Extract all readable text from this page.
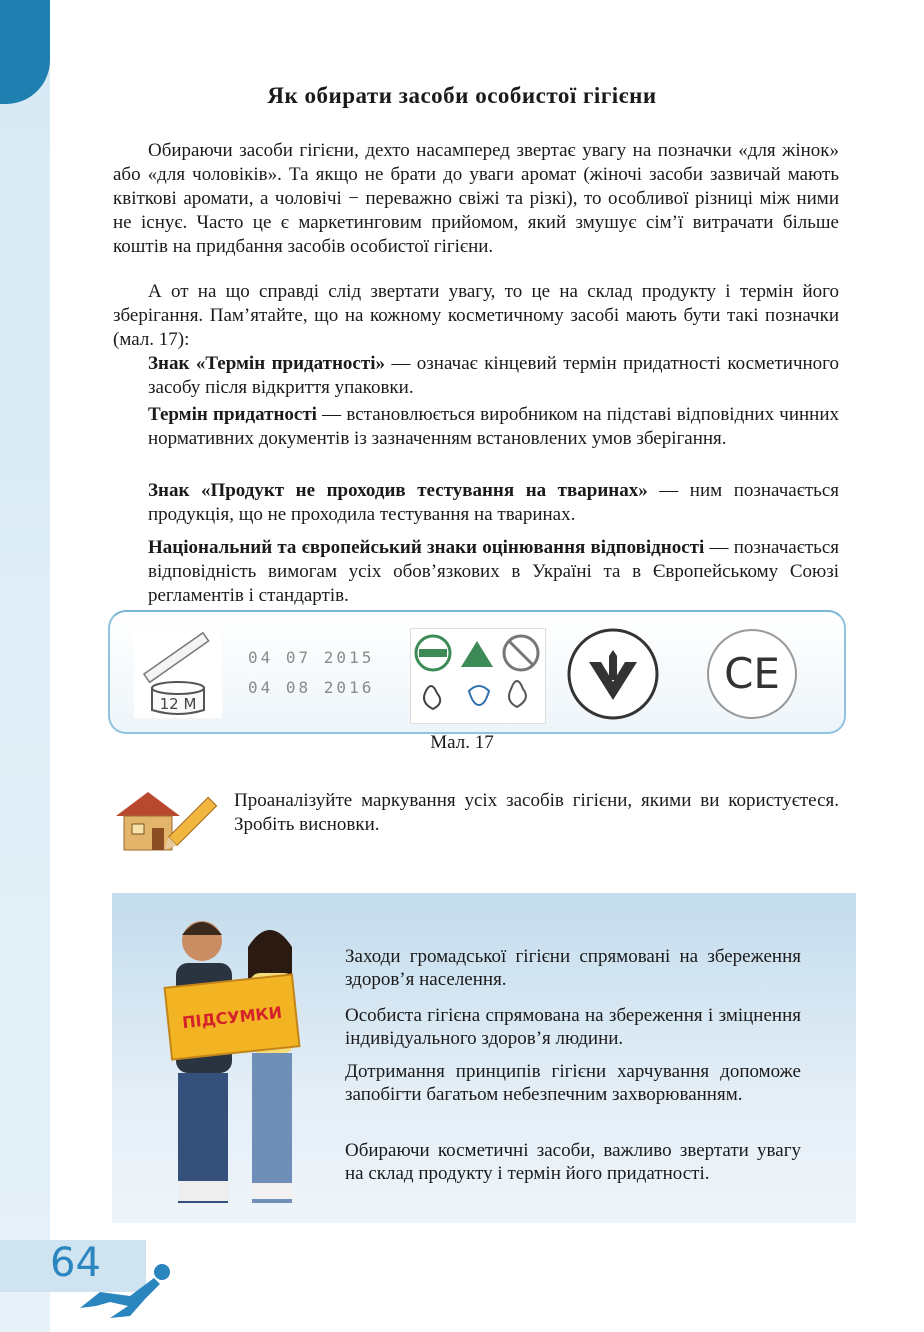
Як обирати засоби особистої гігієни

Обираючи засоби гігієни, дехто насамперед звертає увагу на позначки «для жінок» або «для чоловіків». Та якщо не брати до уваги аромат (жіночі засоби зазвичай мають квіткові аромати, а чоловічі − переважно свіжі та різкі), то особливої різниці між ними не існує. Часто це є маркетинговим прийомом, який змушує сім’ї витрачати більше коштів на придбання засобів особистої гігієни.

А от на що справді слід звертати увагу, то це на склад продукту і термін його зберігання. Пам’ятайте, що на кожному косметичному засобі мають бути такі позначки (мал. 17):

Знак «Термін придатності» — означає кінцевий термін придатності косметичного засобу після відкриття упаковки.

Термін придатності — встановлюється виробником на підставі відповідних чинних нормативних документів із зазначенням встановлених умов зберігання.

Знак «Продукт не проходив тестування на тваринах» — ним позначається продукція, що не проходила тестування на тваринах.

Національний та європейський знаки оцінювання відповідності — позначається відповідність вимогам усіх обов’язкових в Україні та в Європейському Союзі регламентів і стандартів.

12 M
04 07 2015
04 08 2016	CE
Мал. 17

Проаналізуйте маркування усіх засобів гігієни, якими ви користуєтеся. Зробіть висновки.

ПІДСУМКИ

Заходи громадської гігієни спрямовані на збереження здоров’я населення.

Особиста гігієна спрямована на збереження і зміцнення індивідуального здоров’я людини.

Дотримання принципів гігієни харчування допоможе запобігти багатьом небезпечним захворюванням.

Обираючи косметичні засоби, важливо звертати увагу на склад продукту і термін його придатності.

64
